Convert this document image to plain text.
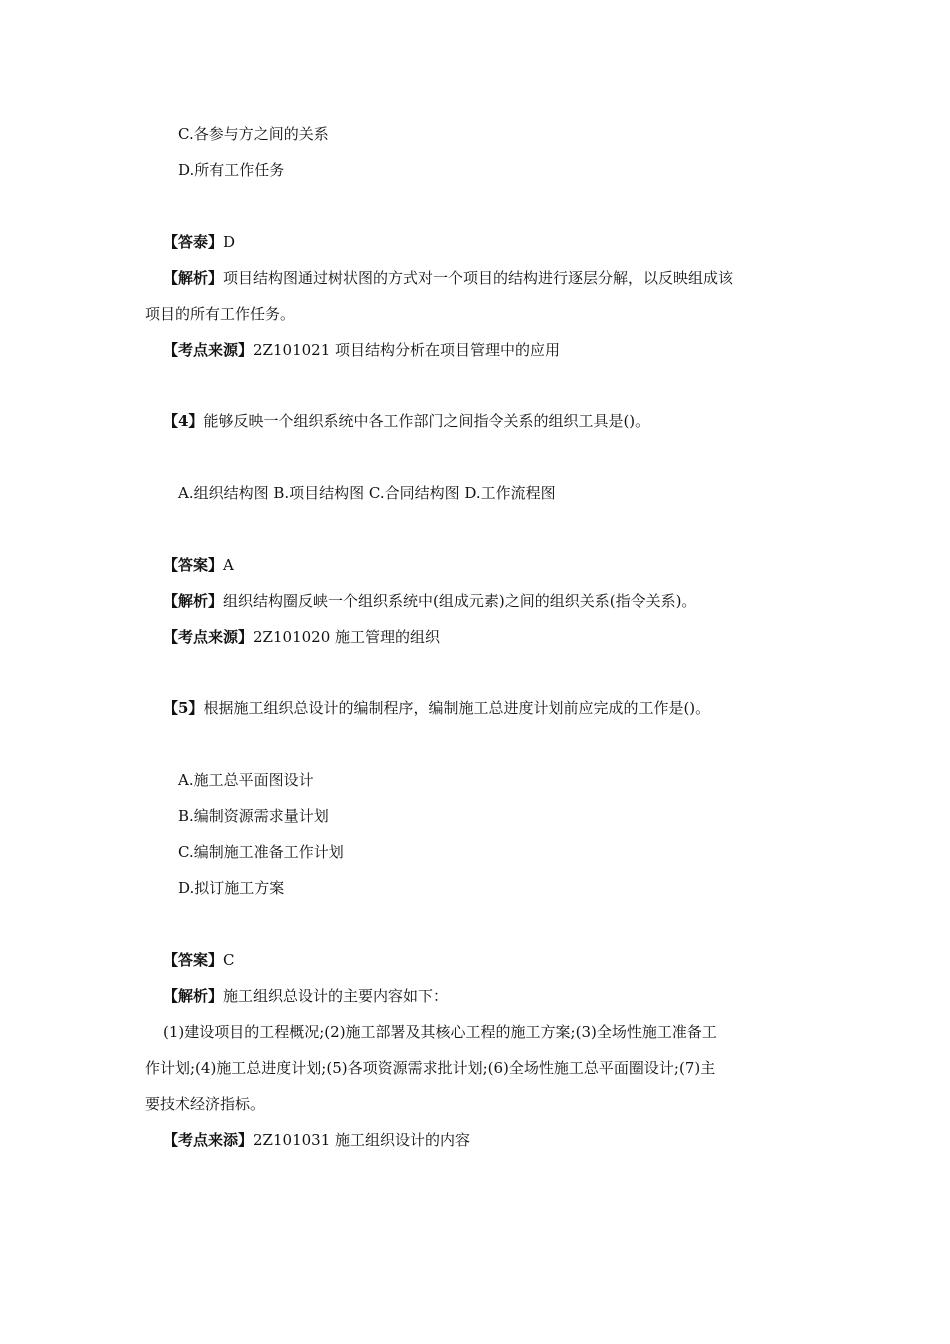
C.各参与方之间的关系
D.所有工作任务
【答泰】D
【解析】项目结构图通过树状图的方式对一个项目的结构进行逐层分解，以反映组成该
项目的所有工作任务。
【考点来源】2Z101021 项目结构分析在项目管理中的应用
【4】能够反映一个组织系统中各工作部门之间指令关系的组织工具是()。
A.组织结构图 B.项目结构图 C.合同结构图 D.工作流程图
【答案】A
【解析】组织结构圈反峡一个组织系统中(组成元素)之间的组织关系(指令关系)。
【考点来源】2Z101020 施工管理的组织
【5】根据施工组织总设计的编制程序，编制施工总进度计划前应完成的工作是()。
A.施工总平面图设计
B.编制资源需求量计划
C.编制施工准备工作计划
D.拟订施工方案
【答案】C
【解析】施工组织总设计的主要内容如下：
(1)建设项目的工程概况;(2)施工部署及其核心工程的施工方案;(3)全场性施工准备工
作计划;(4)施工总进度计划;(5)各项资源需求批计划;(6)全场性施工总平面圈设计;(7)主
要技术经济指标。
【考点来添】2Z101031 施工组织设计的内容
